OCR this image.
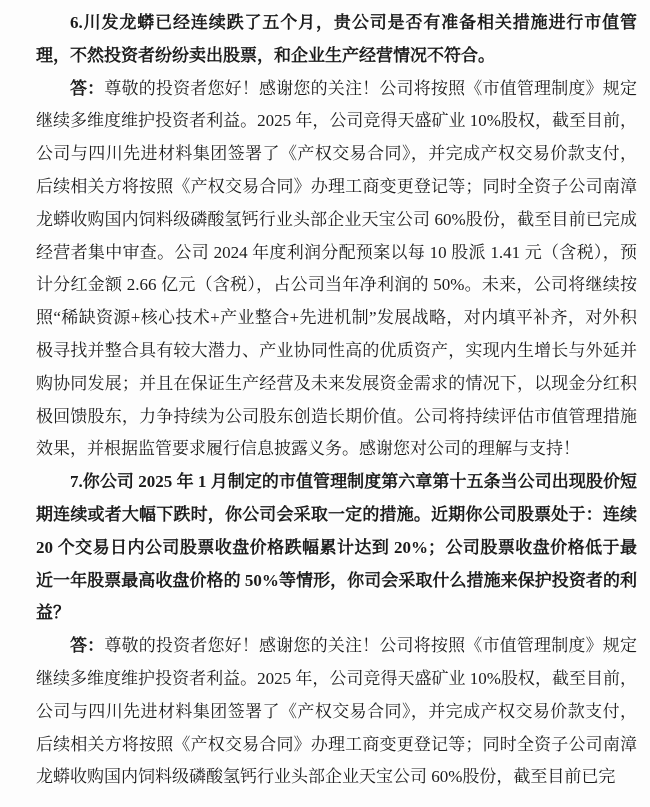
6.川发龙蟒已经连续跌了五个月，贵公司是否有准备相关措施进行市值管理，不然投资者纷纷卖出股票，和企业生产经营情况不符合。

答：尊敬的投资者您好！感谢您的关注！公司将按照《市值管理制度》规定继续多维度维护投资者利益。2025 年，公司竞得天盛矿业 10%股权，截至目前，公司与四川先进材料集团签署了《产权交易合同》，并完成产权交易价款支付，后续相关方将按照《产权交易合同》办理工商变更登记等；同时全资子公司南漳龙蟒收购国内饲料级磷酸氢钙行业头部企业天宝公司 60%股份，截至目前已完成经营者集中审查。公司 2024 年度利润分配预案以每 10 股派 1.41 元（含税），预计分红金额 2.66 亿元（含税），占公司当年净利润的 50%。未来，公司将继续按照“稀缺资源+核心技术+产业整合+先进机制”发展战略，对内填平补齐，对外积极寻找并整合具有较大潜力、产业协同性高的优质资产，实现内生增长与外延并购协同发展；并且在保证生产经营及未来发展资金需求的情况下，以现金分红积极回馈股东，力争持续为公司股东创造长期价值。公司将持续评估市值管理措施效果，并根据监管要求履行信息披露义务。感谢您对公司的理解与支持！

7.你公司 2025 年 1 月制定的市值管理制度第六章第十五条当公司出现股价短期连续或者大幅下跌时，你公司会采取一定的措施。近期你公司股票处于：连续 20 个交易日内公司股票收盘价格跌幅累计达到 20%；公司股票收盘价格低于最近一年股票最高收盘价格的 50%等情形，你司会采取什么措施来保护投资者的利益？

答：尊敬的投资者您好！感谢您的关注！公司将按照《市值管理制度》规定继续多维度维护投资者利益。2025 年，公司竞得天盛矿业 10%股权，截至目前，公司与四川先进材料集团签署了《产权交易合同》，并完成产权交易价款支付，后续相关方将按照《产权交易合同》办理工商变更登记等；同时全资子公司南漳龙蟒收购国内饲料级磷酸氢钙行业头部企业天宝公司 60%股份，截至目前已完
